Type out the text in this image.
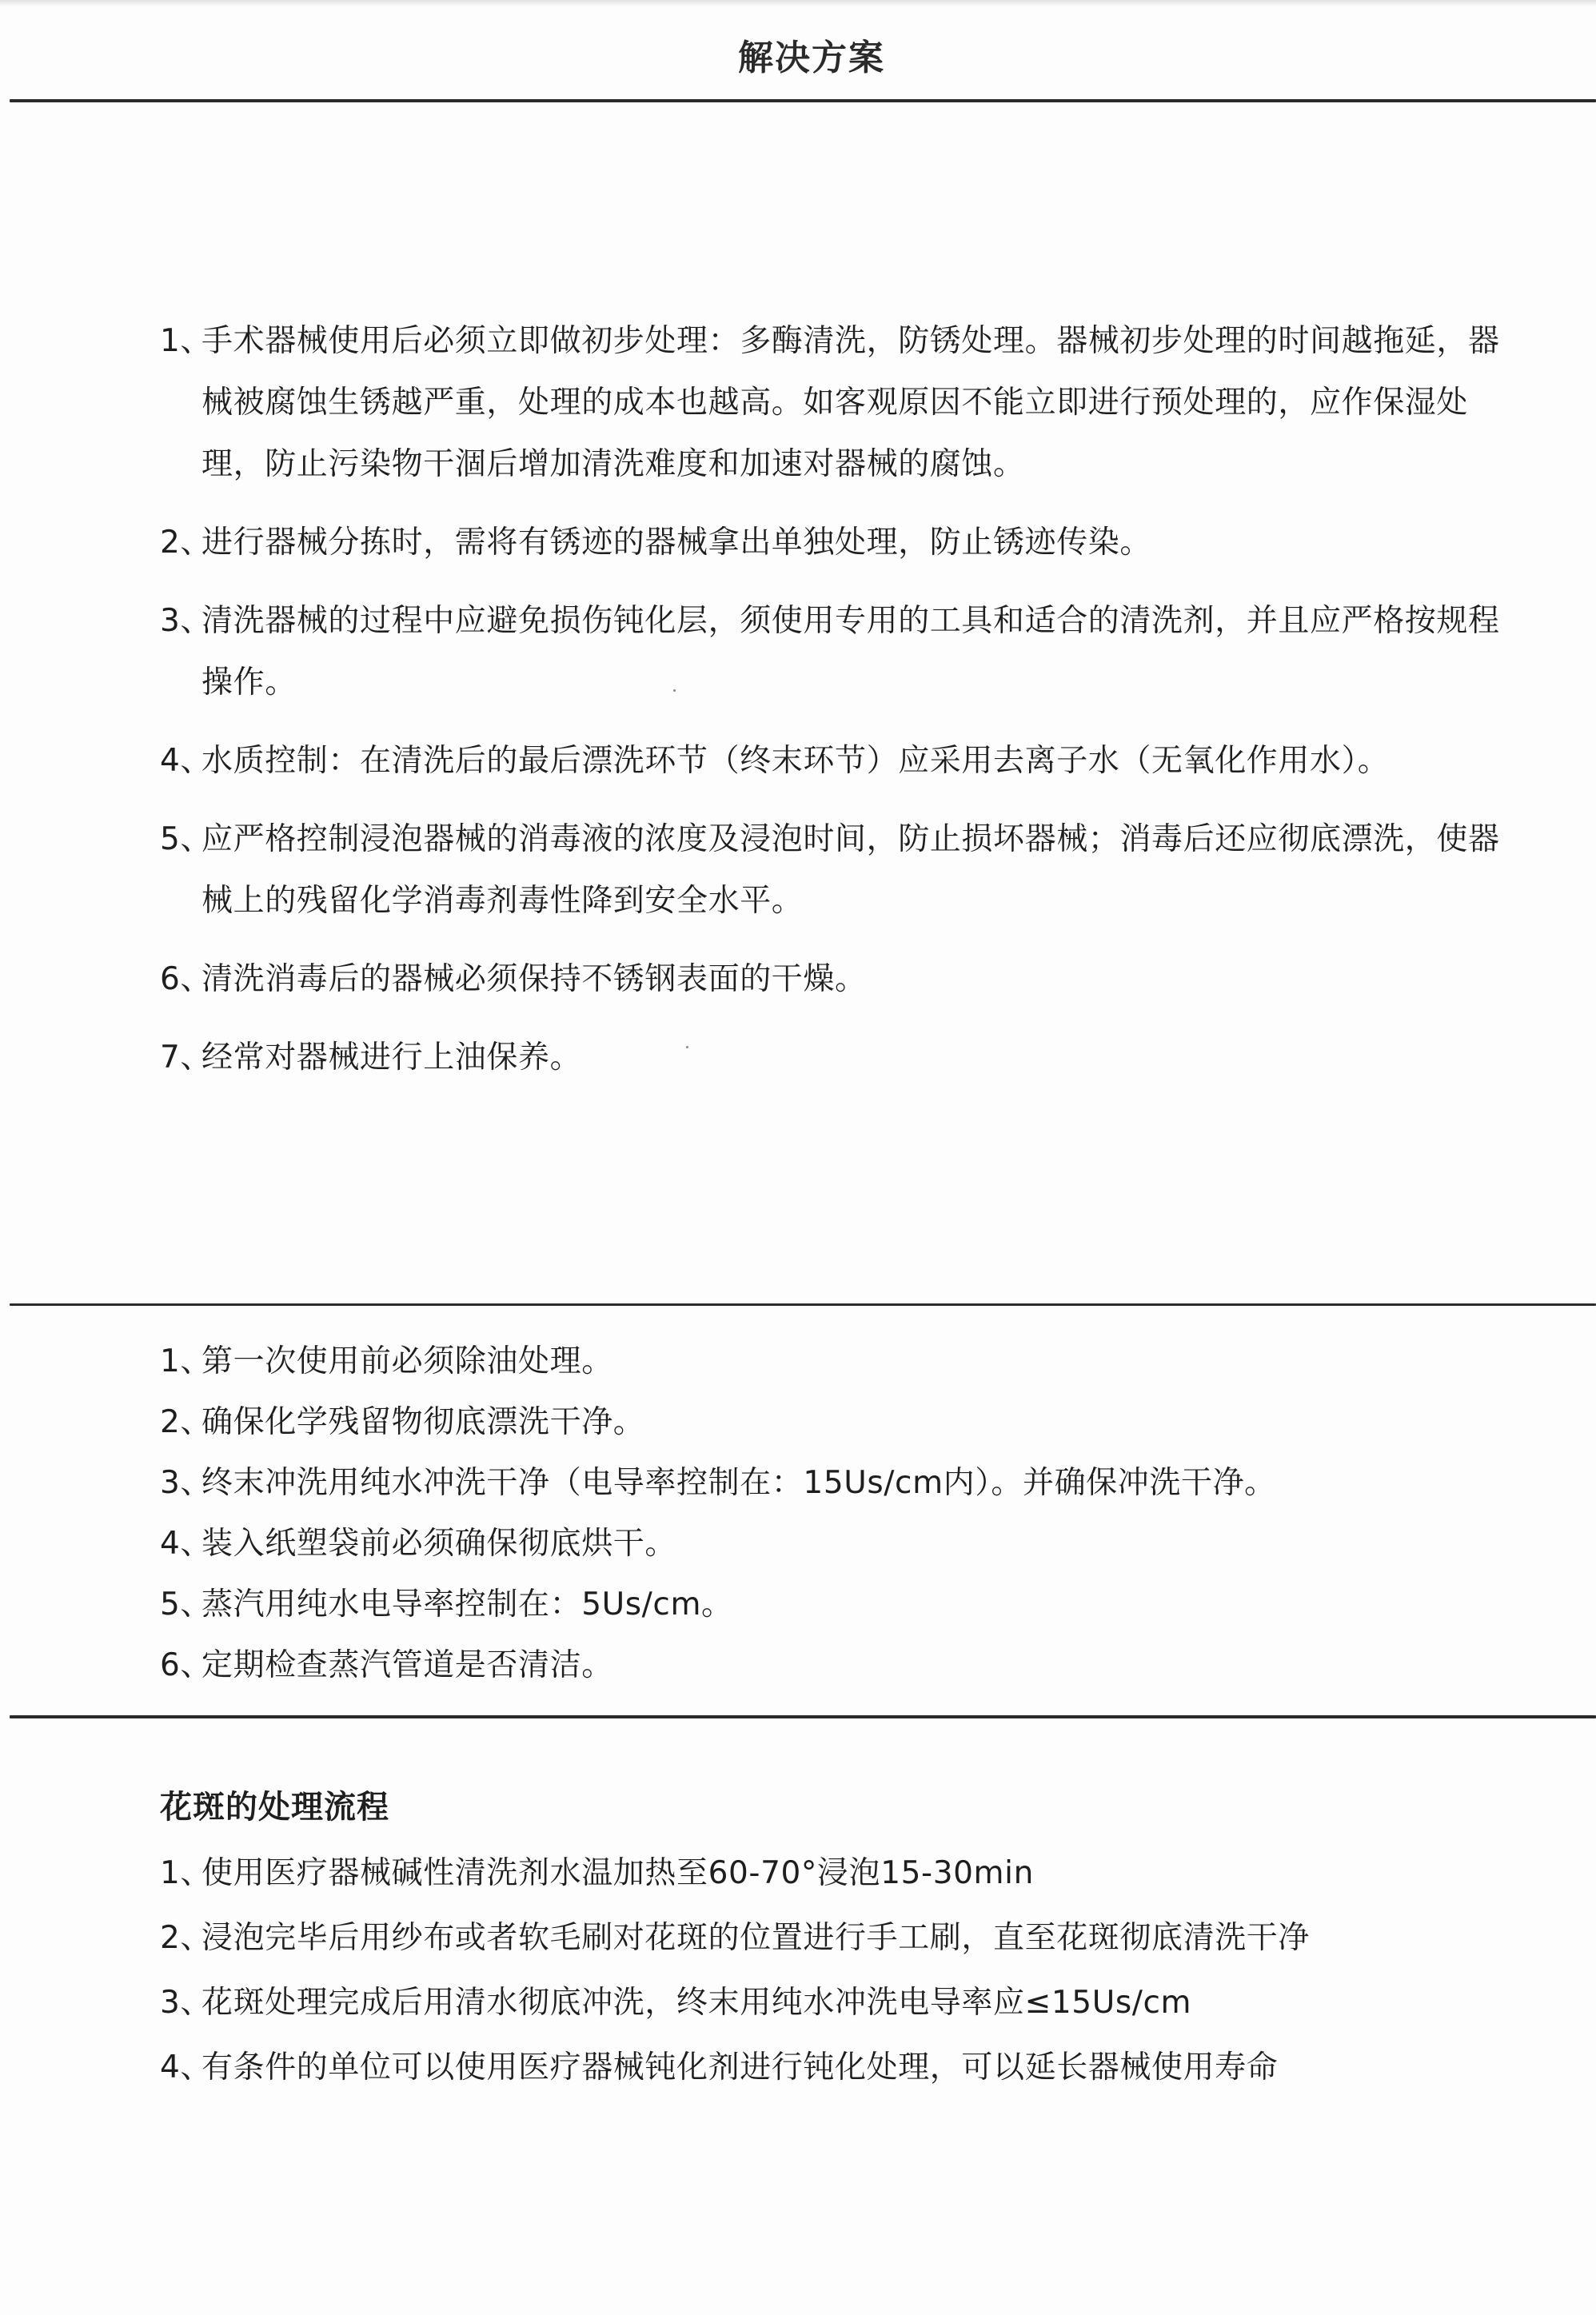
解决方案
1、
手术器械使用后必须立即做初步处理：多酶清洗，防锈处理。器械初步处理的时间越拖延，器械被腐蚀生锈越严重，处理的成本也越高。如客观原因不能立即进行预处理的，应作保湿处理，防止污染物干涸后增加清洗难度和加速对器械的腐蚀。
2、
进行器械分拣时，需将有锈迹的器械拿出单独处理，防止锈迹传染。
3、
清洗器械的过程中应避免损伤钝化层，须使用专用的工具和适合的清洗剂，并且应严格按规程操作。
4、
水质控制：在清洗后的最后漂洗环节（终末环节）应采用去离子水（无氧化作用水）。
5、
应严格控制浸泡器械的消毒液的浓度及浸泡时间，防止损坏器械；消毒后还应彻底漂洗，使器械上的残留化学消毒剂毒性降到安全水平。
6、
清洗消毒后的器械必须保持不锈钢表面的干燥。
7、
经常对器械进行上油保养。
1、
第一次使用前必须除油处理。
2、
确保化学残留物彻底漂洗干净。
3、
终末冲洗用纯水冲洗干净（电导率控制在：15Us/cm内）。并确保冲洗干净。
4、
装入纸塑袋前必须确保彻底烘干。
5、
蒸汽用纯水电导率控制在：5Us/cm。
6、
定期检查蒸汽管道是否清洁。
花斑的处理流程
1、
使用医疗器械碱性清洗剂水温加热至60-70°浸泡15-30min
2、
浸泡完毕后用纱布或者软毛刷对花斑的位置进行手工刷，直至花斑彻底清洗干净
3、
花斑处理完成后用清水彻底冲洗，终末用纯水冲洗电导率应≤15Us/cm
4、
有条件的单位可以使用医疗器械钝化剂进行钝化处理，可以延长器械使用寿命
